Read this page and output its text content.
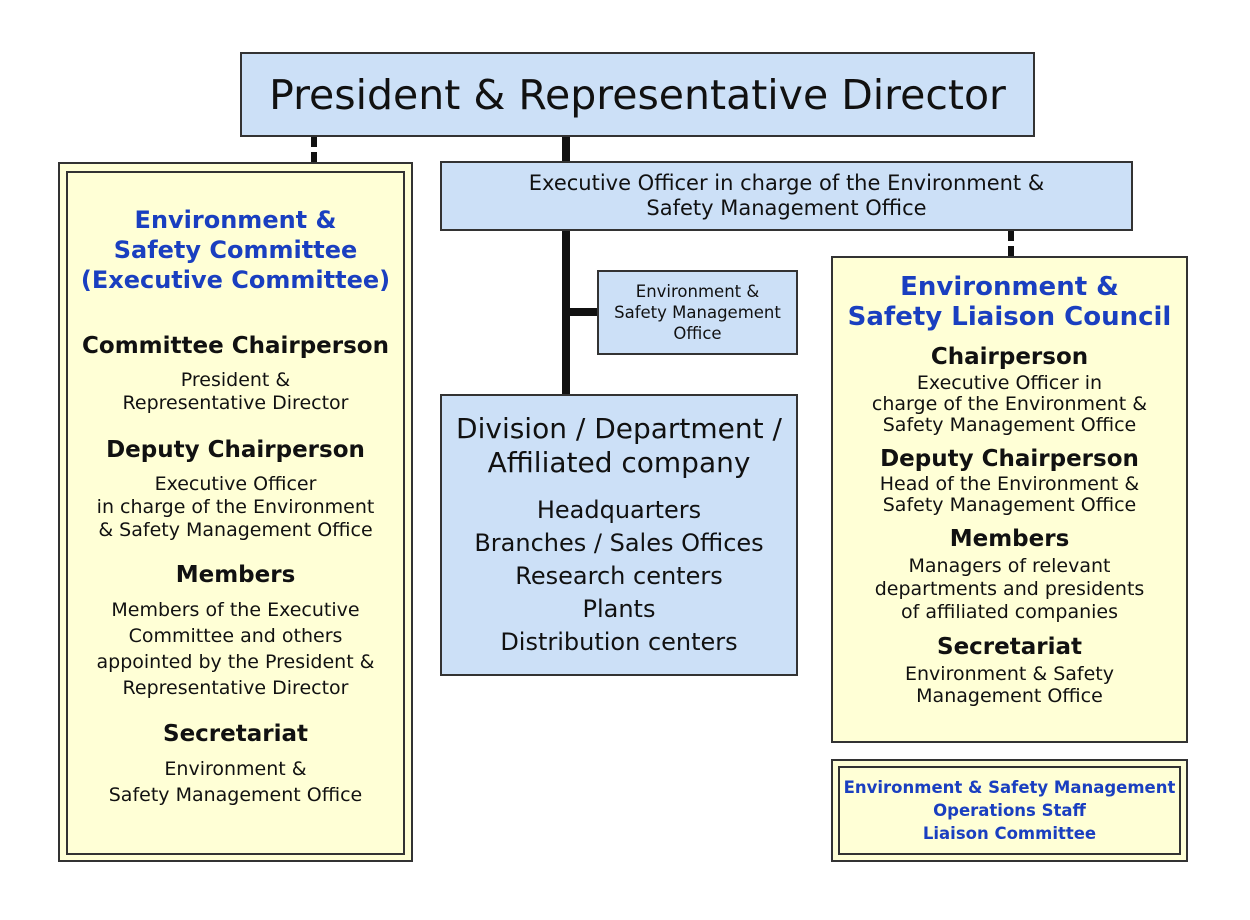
President & Representative Director
Executive Officer in charge of the Environment &
Safety Management Office
Environment &
Safety Management
Office
Division / Department /
Affiliated company
Headquarters
Branches / Sales Offices
Research centers
Plants
Distribution centers
Environment &
Safety Committee
(Executive Committee)
Committee Chairperson
President &
Representative Director
Deputy Chairperson
Executive Officer
in charge of the Environment
& Safety Management Office
Members
Members of the Executive
Committee and others
appointed by the President &
Representative Director
Secretariat
Environment &
Safety Management Office
Environment &
Safety Liaison Council
Chairperson
Executive Officer in
charge of the Environment &
Safety Management Office
Deputy Chairperson
Head of the Environment &
Safety Management Office
Members
Managers of relevant
departments and presidents
of affiliated companies
Secretariat
Environment & Safety
Management Office
Environment & Safety Management
Operations Staff
Liaison Committee
